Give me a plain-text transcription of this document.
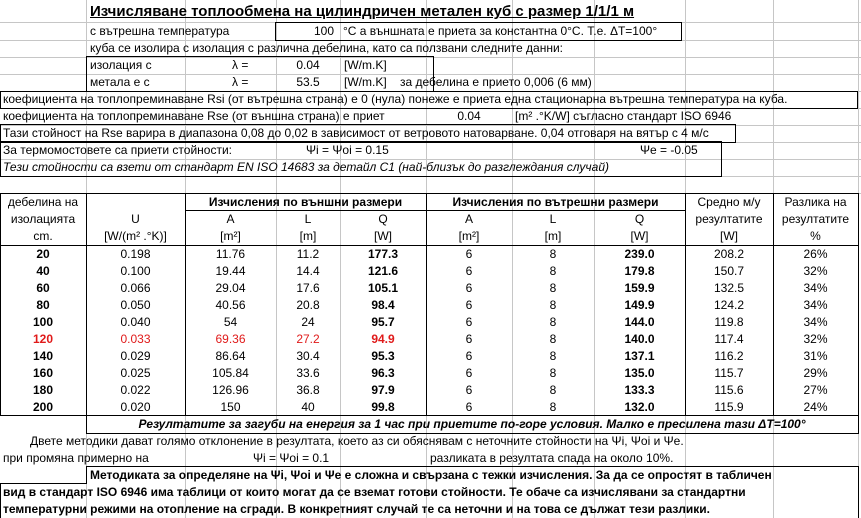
Изчисляване топлообмена на цилиндричен метален куб с размер 1/1/1 м
с вътрешна температура	100 °C а външната е приета за константна 0°C. Т.е. ΔT=100°
куба се изолира с изолация с различна дебелина, като са ползвани следните данни:
изолация с	λ =	0.04	[W/m.K]
метала е с	λ =	53.5	[W/m.K] за дебелина е прието 0,006 (6 мм)
коефициента на топлопреминаване Rsi (от вътрешна страна) е 0 (нула) понеже е приета една стационарна вътрешна температура на куба.
коефициента на топлопреминаване Rse (от външна страна) е приет	0.04	[m² .°K/W] съгласно стандарт ISO 6946
Тази стойност на Rse варира в диапазона 0,08 до 0,02 в зависимост от ветровото натоварване. 0,04 отговаря на вятър с 4 м/с
За термомостовете са приети стойности:	Ψi = Ψoi = 0.15	Ψe = -0.05
Тези стойности са взети от стандарт EN ISO 14683 за детайл С1 (най-близък до разглеждания случай)
дебелина на
изолацията
cm.
U
[W/(m² .°K)]
Изчисления по външни размери	Изчисления по вътрешни размери
A	L	Q	A	L	Q
[m²]	[m]	[W]	[m²]	[m]	[W]
Средно м/у
резултатите
[W]
Разлика на
резултатите
%
20	0.198	11.76	11.2	177.3	6	8	239.0	208.2	26%
40	0.100	19.44	14.4	121.6	6	8	179.8	150.7	32%
60	0.066	29.04	17.6	105.1	6	8	159.9	132.5	34%
80	0.050	40.56	20.8	98.4	6	8	149.9	124.2	34%
100	0.040	54	24	95.7	6	8	144.0	119.8	34%
120	0.033	69.36	27.2	94.9	6	8	140.0	117.4	32%
140	0.029	86.64	30.4	95.3	6	8	137.1	116.2	31%
160	0.025	105.84	33.6	96.3	6	8	135.0	115.7	29%
180	0.022	126.96	36.8	97.9	6	8	133.3	115.6	27%
200	0.020	150	40	99.8	6	8	132.0	115.9	24%
Резултатите за загуби на енергия за 1 час при приетите по-горе условия. Малко е пресилена тази ΔT=100°
Двете методики дават голямо отклонение в резултата, което аз си обяснявам с неточните стойности на Ψi, Ψoi и Ψe.
при промяна примерно на	Ψi = Ψoi = 0.1	разликата в резултата спада на около 10%.
Методиката за определяне на Ψi, Ψoi и Ψe е сложна и свързана с тежки изчисления. За да се опростят в табличен
вид в стандарт ISO 6946 има таблици от които могат да се вземат готови стойности. Те обаче са изчислявани за стандартни
температурни режими на отопление на сгради. В конкретният случай те са неточни и на това се дължат тези разлики.
